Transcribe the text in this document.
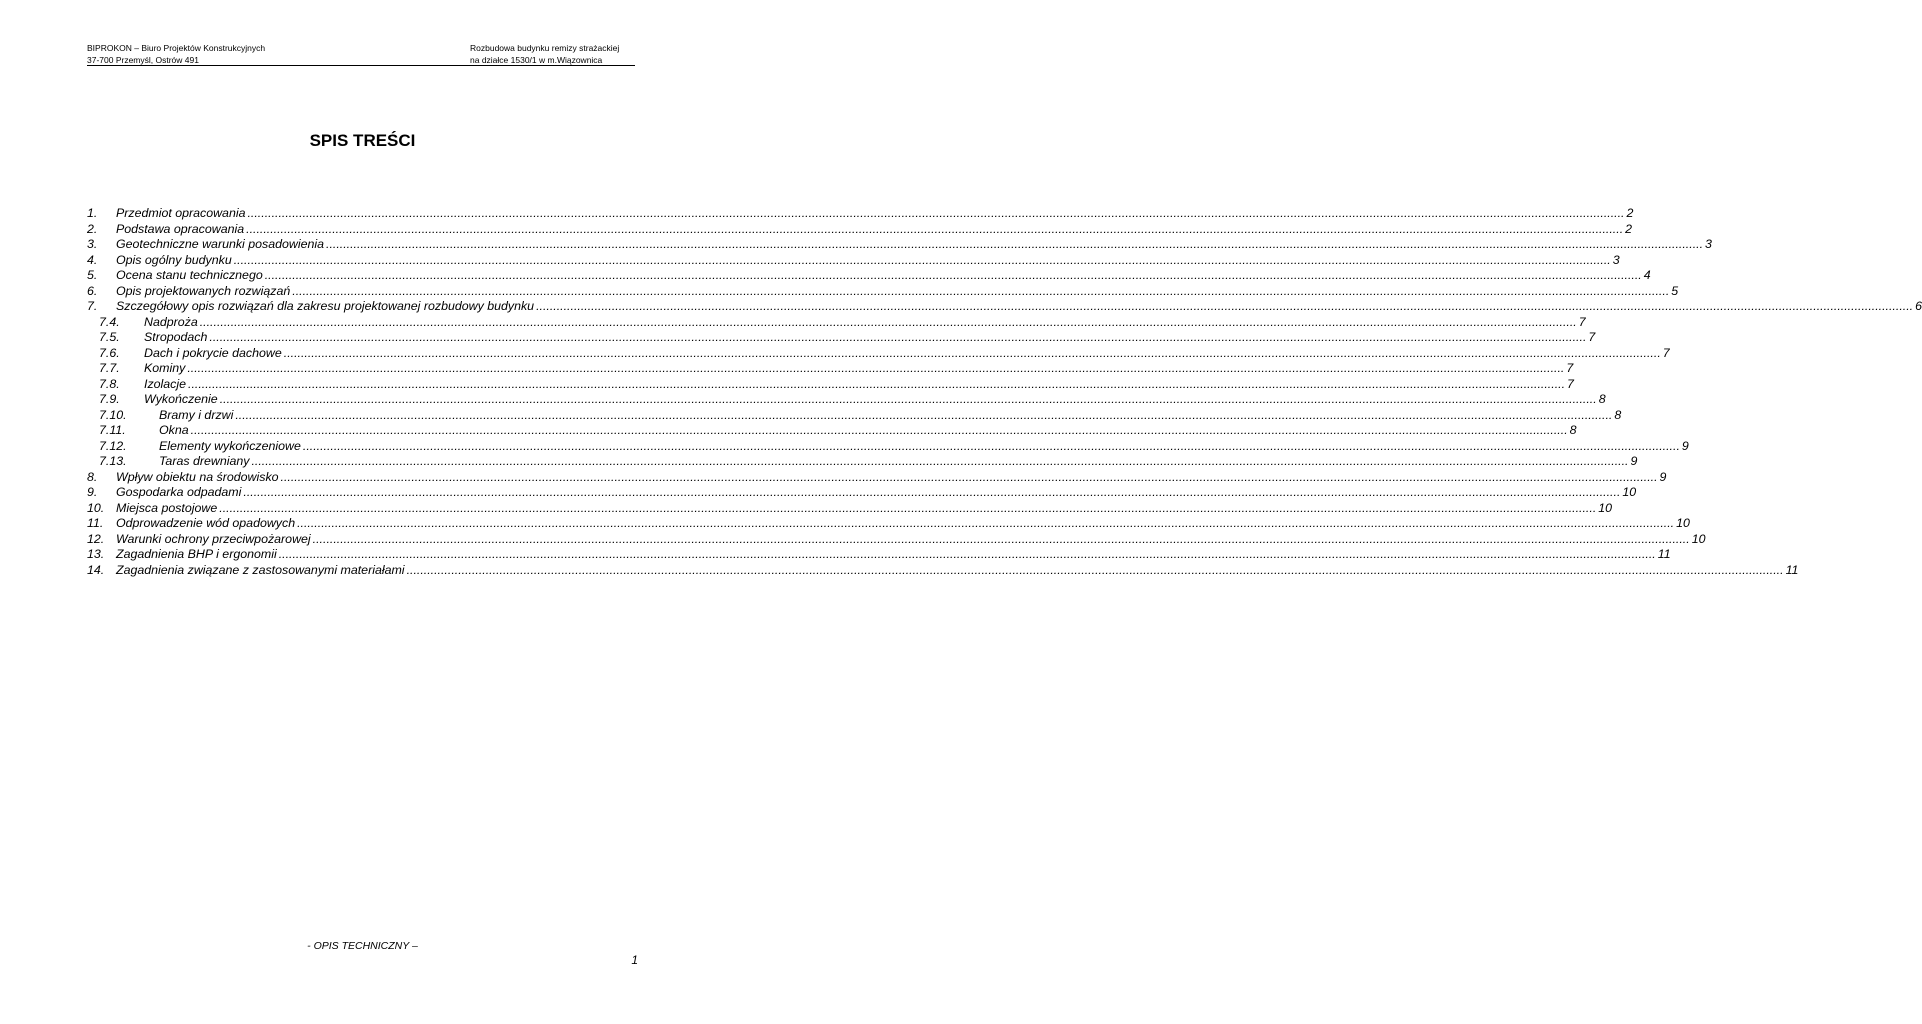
BIPROKON – Biuro Projektów Konstrukcyjnych
37-700 Przemyśl, Ostrów 491
Rozbudowa budynku remizy strażackiej
na działce 1530/1 w m.Wiązownica
SPIS TREŚCI
1.	Przedmiot opracowania ................................................................................................................................................................................................................................................................................................................................................................................................................ 2
2.	Podstawa opracowania ................................................................................................................................................................................................................................................................................................................................................................................................................ 2
3.	Geotechniczne warunki posadowienia ................................................................................................................................................................................................................................................................................................................................................................................................................ 3
4.	Opis ogólny budynku ................................................................................................................................................................................................................................................................................................................................................................................................................ 3
5.	Ocena stanu technicznego ................................................................................................................................................................................................................................................................................................................................................................................................................ 4
6.	Opis projektowanych rozwiązań ................................................................................................................................................................................................................................................................................................................................................................................................................ 5
7.	Szczegółowy opis rozwiązań dla zakresu projektowanej rozbudowy budynku ................................................................................................................................................................................................................................................................................................................................................................................................................ 6
7.4.	Nadproża ................................................................................................................................................................................................................................................................................................................................................................................................................ 7
7.5.	Stropodach ................................................................................................................................................................................................................................................................................................................................................................................................................ 7
7.6.	Dach i pokrycie dachowe ................................................................................................................................................................................................................................................................................................................................................................................................................ 7
7.7.	Kominy ................................................................................................................................................................................................................................................................................................................................................................................................................ 7
7.8.	Izolacje ................................................................................................................................................................................................................................................................................................................................................................................................................ 7
7.9.	Wykończenie ................................................................................................................................................................................................................................................................................................................................................................................................................ 8
7.10.	Bramy i drzwi ................................................................................................................................................................................................................................................................................................................................................................................................................ 8
7.11.	Okna ................................................................................................................................................................................................................................................................................................................................................................................................................ 8
7.12.	Elementy wykończeniowe ................................................................................................................................................................................................................................................................................................................................................................................................................ 9
7.13.	Taras drewniany ................................................................................................................................................................................................................................................................................................................................................................................................................ 9
8.	Wpływ obiektu na środowisko ................................................................................................................................................................................................................................................................................................................................................................................................................ 9
9.	Gospodarka odpadami ................................................................................................................................................................................................................................................................................................................................................................................................................ 10
10. Miejsca postojowe ................................................................................................................................................................................................................................................................................................................................................................................................................ 10
11.	Odprowadzenie wód opadowych ................................................................................................................................................................................................................................................................................................................................................................................................................ 10
12. Warunki ochrony przeciwpożarowej ................................................................................................................................................................................................................................................................................................................................................................................................................ 10
13. Zagadnienia BHP i ergonomii ................................................................................................................................................................................................................................................................................................................................................................................................................ 11
14. Zagadnienia związane z zastosowanymi materiałami ................................................................................................................................................................................................................................................................................................................................................................................................................ 11
- OPIS TECHNICZNY –
1
